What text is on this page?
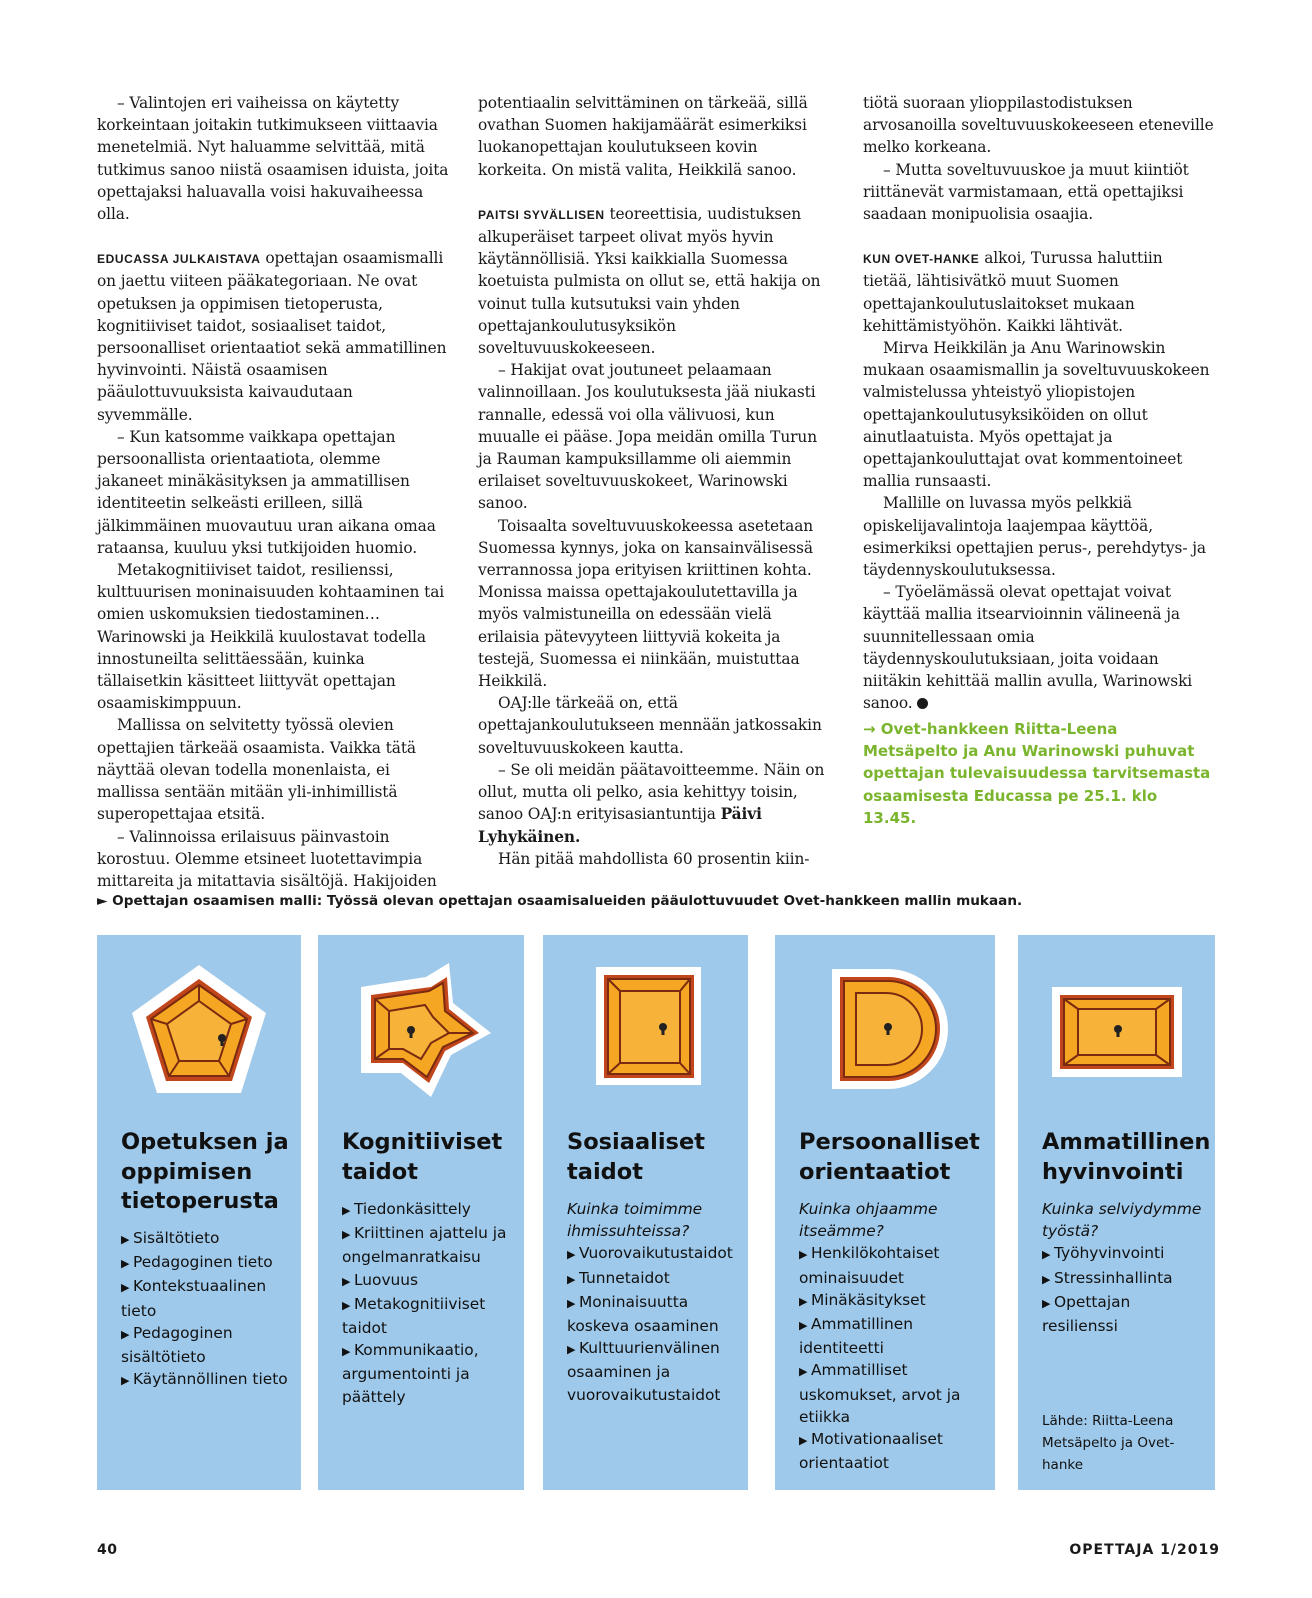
– Valintojen eri vaiheissa on käytetty korkeintaan joitakin tutkimukseen viittaavia menetelmiä. Nyt haluamme selvittää, mitä tutkimus sanoo niistä osaamisen iduista, joita opettajaksi haluavalla voisi hakuvaiheessa olla.

EDUCASSA JULKAISTAVA opettajan osaamismalli on jaettu viiteen pääkategoriaan. Ne ovat opetuksen ja oppimisen tietoperusta, kognitiiviset taidot, sosiaaliset taidot, persoonalliset orientaatiot sekä ammatillinen hyvinvointi. Näistä osaamisen pääulottuvuuksista kaivaudutaan syvemmälle.

– Kun katsomme vaikkapa opettajan persoonallista orientaatiota, olemme jakaneet minäkäsityksen ja ammatillisen identiteetin selkeästi erilleen, sillä jälkimmäinen muovautuu uran aikana omaa rataansa, kuuluu yksi tutkijoiden huomio.

Metakognitiiviset taidot, resilienssi, kulttuurisen moninaisuuden kohtaaminen tai omien uskomuksien tiedostaminen… Warinowski ja Heikkilä kuulostavat todella innostuneilta selittäessään, kuinka tällaisetkin käsitteet liittyvät opettajan osaamiskimppuun.

Mallissa on selvitetty työssä olevien opettajien tärkeää osaamista. Vaikka tätä näyttää olevan todella monenlaista, ei mallissa sentään mitään yli-inhimillistä superopettajaa etsitä.

– Valinnoissa erilaisuus päinvastoin korostuu. Olemme etsineet luotettavimpia mittareita ja mitattavia sisältöjä. Hakijoiden

potentiaalin selvittäminen on tärkeää, sillä ovathan Suomen hakijamäärät esimerkiksi luokanopettajan koulutukseen kovin korkeita. On mistä valita, Heikkilä sanoo.

PAITSI SYVÄLLISEN teoreettisia, uudistuksen alkuperäiset tarpeet olivat myös hyvin käytännöllisiä. Yksi kaikkialla Suomessa koetuista pulmista on ollut se, että hakija on voinut tulla kutsutuksi vain yhden opettajankoulutusyksikön soveltuvuuskokeeseen.

– Hakijat ovat joutuneet pelaamaan valinnoillaan. Jos koulutuksesta jää niukasti rannalle, edessä voi olla välivuosi, kun muualle ei pääse. Jopa meidän omilla Turun ja Rauman kampuksillamme oli aiemmin erilaiset soveltuvuuskokeet, Warinowski sanoo.

Toisaalta soveltuvuuskokeessa asetetaan Suomessa kynnys, joka on kansainvälisessä verrannossa jopa erityisen kriittinen kohta. Monissa maissa opettajakoulutettavilla ja myös valmistuneilla on edessään vielä erilaisia pätevyyteen liittyviä kokeita ja testejä, Suomessa ei niinkään, muistuttaa Heikkilä.

OAJ:lle tärkeää on, että opettajankoulutukseen mennään jatkossakin soveltuvuuskokeen kautta.

– Se oli meidän päätavoitteemme. Näin on ollut, mutta oli pelko, asia kehittyy toisin, sanoo OAJ:n erityisasiantuntija Päivi Lyhykäinen.

Hän pitää mahdollista 60 prosentin kiin-

tiötä suoraan ylioppilastodistuksen arvosanoilla soveltuvuuskokeeseen eteneville melko korkeana.

– Mutta soveltuvuuskoe ja muut kiintiöt riittänevät varmistamaan, että opettajiksi saadaan monipuolisia osaajia.

KUN OVET-HANKE alkoi, Turussa haluttiin tietää, lähtisivätkö muut Suomen opettajankoulutuslaitokset mukaan kehittämistyöhön. Kaikki lähtivät.

Mirva Heikkilän ja Anu Warinowskin mukaan osaamismallin ja soveltuvuuskokeen valmistelussa yhteistyö yliopistojen opettajankoulutusyksiköiden on ollut ainutlaatuista. Myös opettajat ja opettajankouluttajat ovat kommentoineet mallia runsaasti.

Mallille on luvassa myös pelkkiä opiskelijavalintoja laajempaa käyttöä, esimerkiksi opettajien perus-, perehdytys- ja täydennyskoulutuksessa.

– Työelämässä olevat opettajat voivat käyttää mallia itsearvioinnin välineenä ja suunnitellessaan omia täydennyskoulutuksiaan, joita voidaan niitäkin kehittää mallin avulla, Warinowski sanoo.

→ Ovet-hankkeen Riitta-Leena Metsäpelto ja Anu Warinowski puhuvat opettajan tulevaisuudessa tarvitsemasta osaamisesta Educassa pe 25.1. klo 13.45.
► Opettajan osaamisen malli: Työssä olevan opettajan osaamisalueiden pääulottuvuudet Ovet-hankkeen mallin mukaan.
Opetuksen ja oppimisen tietoperusta
▶ Sisältötieto
▶ Pedagoginen tieto
▶ Kontekstuaalinen tieto
▶ Pedagoginen sisältötieto
▶ Käytännöllinen tieto
Kognitiiviset taidot
▶ Tiedonkäsittely
▶ Kriittinen ajattelu ja ongelmanratkaisu
▶ Luovuus
▶ Metakognitiiviset taidot
▶ Kommunikaatio, argumentointi ja päättely
Sosiaaliset taidot
Kuinka toimimme ihmissuhteissa?
▶ Vuorovaikutustaidot
▶ Tunnetaidot
▶ Moninaisuutta koskeva osaaminen
▶ Kulttuurienvälinen osaaminen ja vuorovaikutustaidot
Persoonalliset orientaatiot
Kuinka ohjaamme itseämme?
▶ Henkilökohtaiset ominaisuudet
▶ Minäkäsitykset
▶ Ammatillinen identiteetti
▶ Ammatilliset uskomukset, arvot ja etiikka
▶ Motivationaaliset orientaatiot
Ammatillinen hyvinvointi
Kuinka selviydymme työstä?
▶ Työhyvinvointi
▶ Stressinhallinta
▶ Opettajan resilienssi
Lähde: Riitta-Leena Metsäpelto ja Ovet-hanke
40	OPETTAJA 1/2019
